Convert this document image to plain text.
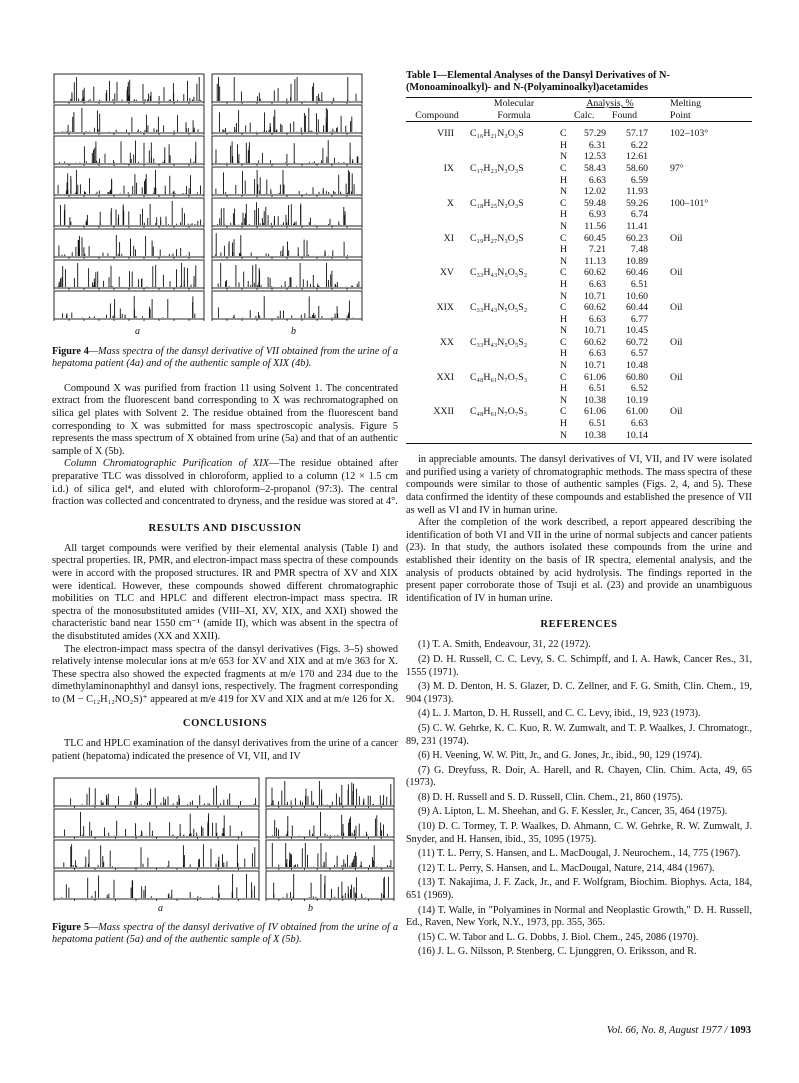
a	b

Figure 4—Mass spectra of the dansyl derivative of VII obtained from the urine of a hepatoma patient (4a) and of the authentic sample of XIX (4b).

Compound X was purified from fraction 11 using Solvent 1. The concentrated extract from the fluorescent band corresponding to X was rechromatographed on silica gel plates with Solvent 2. The residue obtained from the fluorescent band corresponding to X was submitted for mass spectroscopic analysis. Figure 5 represents the mass spectrum of X obtained from urine (5a) and that of an authentic sample of X (5b).

Column Chromatographic Purification of XIX—The residue obtained after preparative TLC was dissolved in chloroform, applied to a column (12 × 1.5 cm i.d.) of silica gel⁴, and eluted with chloroform–2-propanol (97:3). The central fraction was collected and concentrated to dryness, and the residue was stored at 4°.

RESULTS AND DISCUSSION

All target compounds were verified by their elemental analysis (Table I) and spectral properties. IR, PMR, and electron-impact mass spectra of these compounds were in accord with the proposed structures. IR and PMR spectra of XV and XIX were identical. However, these compounds showed different chromatographic mobilities on TLC and HPLC and different electron-impact mass spectra. IR spectra of the monosubstituted amides (VIII–XI, XV, XIX, and XXI) showed the characteristic band near 1550 cm⁻¹ (amide II), which was absent in the spectra of the disubstituted amides (XX and XXII).

The electron-impact mass spectra of the dansyl derivatives (Figs. 3–5) showed relatively intense molecular ions at m/e 653 for XV and XIX and at m/e 363 for X. These spectra also showed the expected fragments at m/e 170 and 234 due to the dimethylaminonaphthyl and dansyl ions, respectively. The fragment corresponding to (M − C₁₂H₁₂NO₂S)⁺ appeared at m/e 419 for XV and XIX and at m/e 126 for X.

CONCLUSIONS

TLC and HPLC examination of the dansyl derivatives from the urine of a cancer patient (hepatoma) indicated the presence of VI, VII, and IV

a	b

Figure 5—Mass spectra of the dansyl derivative of IV obtained from the urine of a hepatoma patient (5a) and of the authentic sample of X (5b).

Table I—Elemental Analyses of the Dansyl Derivatives of N-(Monoaminoalkyl)- and N-(Polyaminoalkyl)acetamides
	Molecular	Analysis, %			Melting
Compound	Formula		Calc.	Found	Point

VIII	C₁₆H₂₁N₃O₃S	C	57.29	57.17	102–103°
		H	6.31	6.22	
		N	12.53	12.61	
IX	C₁₇H₂₃N₃O₃S	C	58.43	58.60	97°
		H	6.63	6.59	
		N	12.02	11.93	
X	C₁₈H₂₅N₃O₃S	C	59.48	59.26	100–101°
		H	6.93	6.74	
		N	11.56	11.41	
XI	C₁₉H₂₇N₃O₃S	C	60.45	60.23	Oil
		H	7.21	7.48	
		N	11.13	10.89	
XV	C₃₃H₄₃N₅O₅S₂	C	60.62	60.46	Oil
		H	6.63	6.51	
		N	10.71	10.60	
XIX	C₃₃H₄₃N₅O₅S₂	C	60.62	60.44	Oil
		H	6.63	6.77	
		N	10.71	10.45	
XX	C₃₃H₄₃N₅O₅S₂	C	60.62	60.72	Oil
		H	6.63	6.57	
		N	10.71	10.48	
XXI	C₄₈H₆₁N₇O₇S₃	C	61.06	60.80	Oil
		H	6.51	6.52	
		N	10.38	10.19	
XXII	C₄₈H₆₁N₇O₇S₃	C	61.06	61.00	Oil
		H	6.51	6.63	
		N	10.38	10.14	

in appreciable amounts. The dansyl derivatives of VI, VII, and IV were isolated and purified using a variety of chromatographic methods. The mass spectra of these compounds were similar to those of authentic samples (Figs. 2, 4, and 5). These data confirmed the identity of these compounds and established the presence of VII as well as VI and IV in human urine.

After the completion of the work described, a report appeared describing the identification of both VI and VII in the urine of normal subjects and cancer patients (23). In that study, the authors isolated these compounds from the urine and established their identity on the basis of IR spectra, elemental analysis, and the analysis of products obtained by acid hydrolysis. The findings reported in the present paper corroborate those of Tsuji et al. (23) and provide an unambiguous identification of IV in human urine.

REFERENCES

(1) T. A. Smith, Endeavour, 31, 22 (1972).

(2) D. H. Russell, C. C. Levy, S. C. Schimpff, and I. A. Hawk, Cancer Res., 31, 1555 (1971).

(3) M. D. Denton, H. S. Glazer, D. C. Zellner, and F. G. Smith, Clin. Chem., 19, 904 (1973).

(4) L. J. Marton, D. H. Russell, and C. C. Levy, ibid., 19, 923 (1973).

(5) C. W. Gehrke, K. C. Kuo, R. W. Zumwalt, and T. P. Waalkes, J. Chromatogr., 89, 231 (1974).

(6) H. Veening, W. W. Pitt, Jr., and G. Jones, Jr., ibid., 90, 129 (1974).

(7) G. Dreyfuss, R. Doir, A. Harell, and R. Chayen, Clin. Chim. Acta, 49, 65 (1973).

(8) D. H. Russell and S. D. Russell, Clin. Chem., 21, 860 (1975).

(9) A. Lipton, L. M. Sheehan, and G. F. Kessler, Jr., Cancer, 35, 464 (1975).

(10) D. C. Tormey, T. P. Waalkes, D. Ahmann, C. W. Gehrke, R. W. Zumwalt, J. Snyder, and H. Hansen, ibid., 35, 1095 (1975).

(11) T. L. Perry, S. Hansen, and L. MacDougal, J. Neurochem., 14, 775 (1967).

(12) T. L. Perry, S. Hansen, and L. MacDougal, Nature, 214, 484 (1967).

(13) T. Nakajima, J. F. Zack, Jr., and F. Wolfgram, Biochim. Biophys. Acta, 184, 651 (1969).

(14) T. Walle, in "Polyamines in Normal and Neoplastic Growth," D. H. Russell, Ed., Raven, New York, N.Y., 1973, pp. 355, 365.

(15) C. W. Tabor and L. G. Dobbs, J. Biol. Chem., 245, 2086 (1970).

(16) J. L. G. Nilsson, P. Stenberg, C. Ljunggren, O. Eriksson, and R.

Vol. 66, No. 8, August 1977 / 1093
